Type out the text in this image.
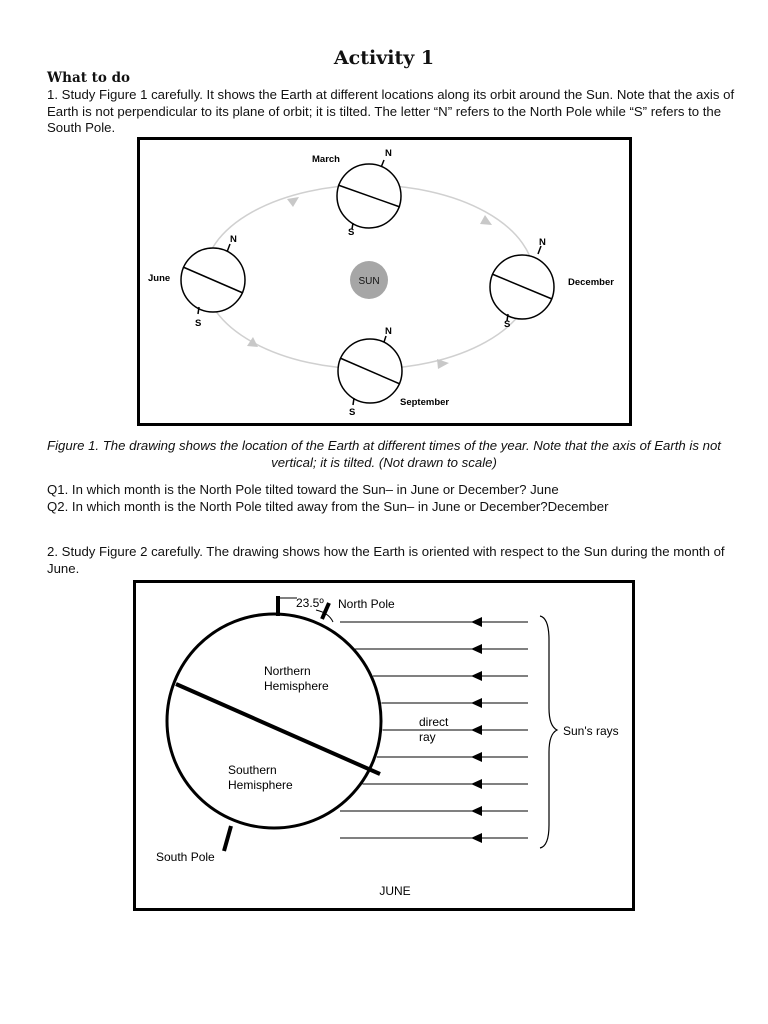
Activity 1
What to do

1. Study Figure 1 carefully. It shows the Earth at different locations along its orbit around the Sun. Note that the axis of Earth is not perpendicular to its plane of orbit; it is tilted. The letter “N” refers to the North Pole while “S” refers to the South Pole.

SUN
March
N
S
June
N
S
December
N
S
September
N
S
Figure 1. The drawing shows the location of the Earth at different times of the year. Note that the axis of Earth is not vertical; it is tilted. (Not drawn to scale)

Q1. In which month is the North Pole tilted toward the Sun– in June or December? June

Q2. In which month is the North Pole tilted away from the Sun– in June or December?December

2. Study Figure 2 carefully. The drawing shows how the Earth is oriented with respect to the Sun during the month of June.

23.5º North Pole
South Pole
Northern
Hemisphere
Southern
Hemisphere
direct
ray	Sun's rays
JUNE
